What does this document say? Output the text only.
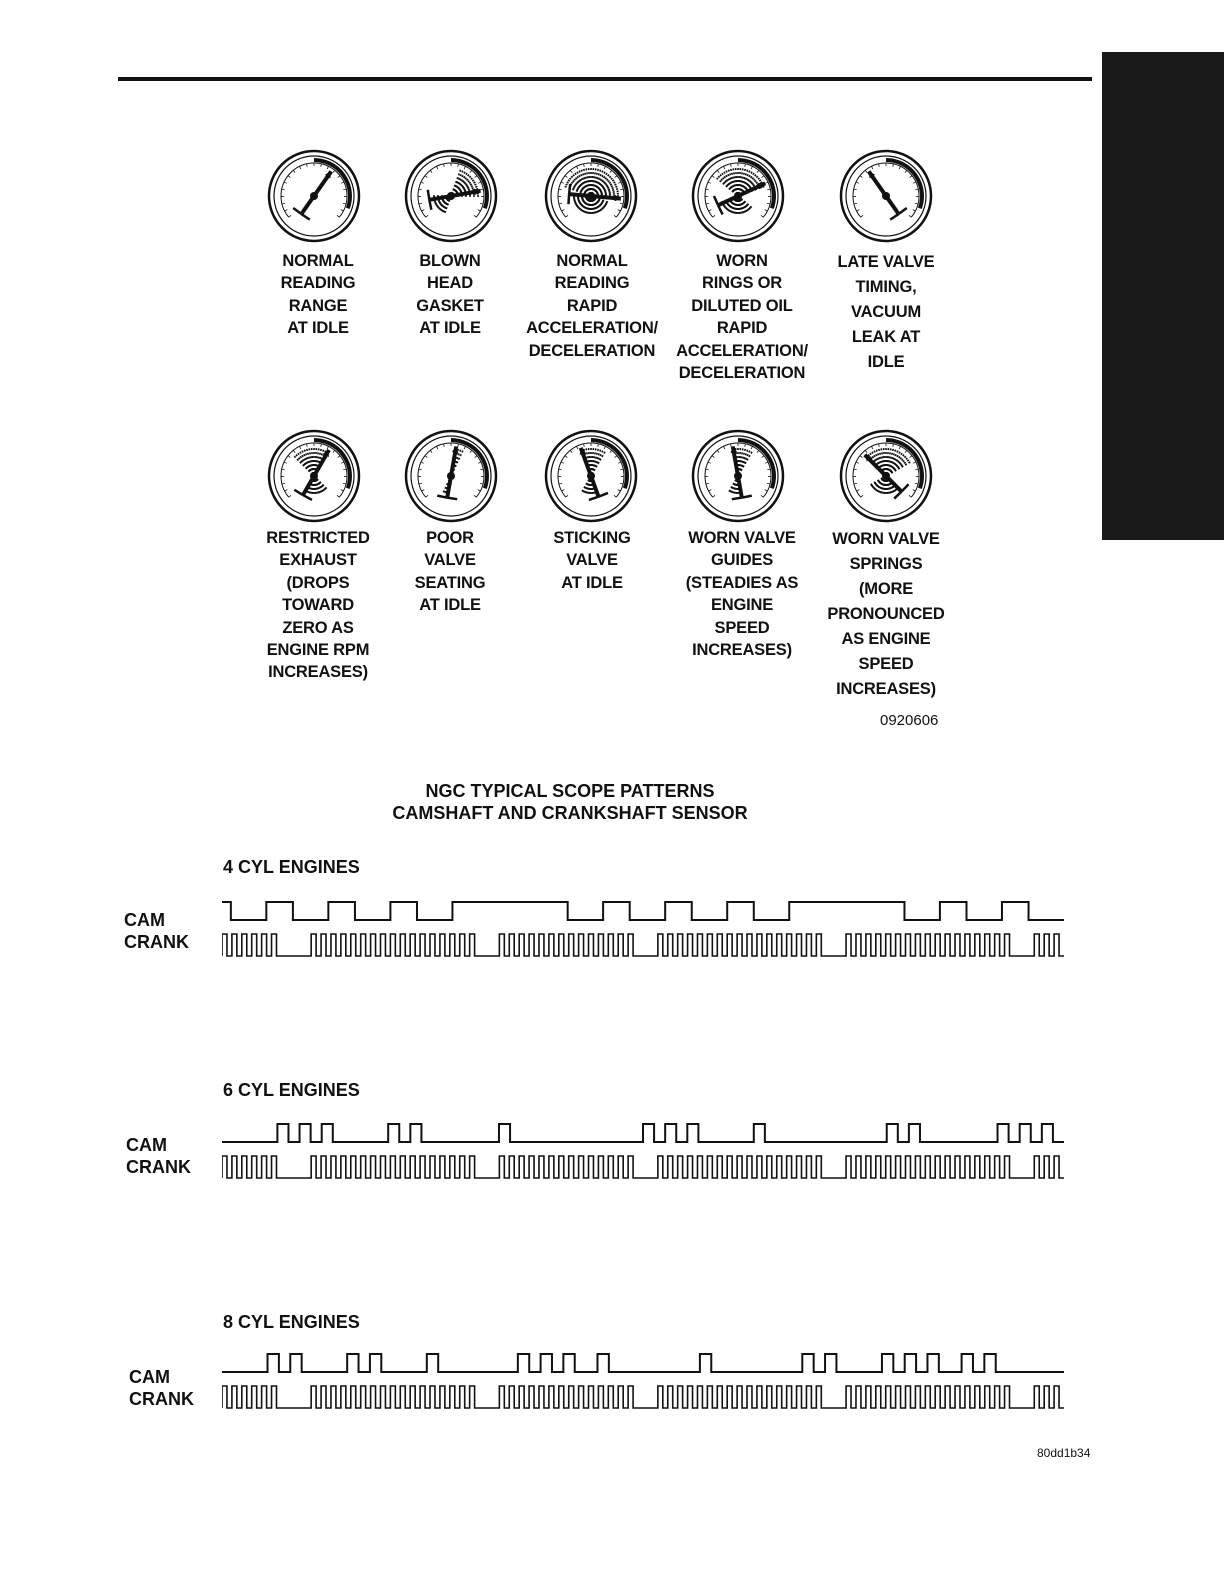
NORMAL
READING
RANGE
AT IDLE
BLOWN
HEAD
GASKET
AT IDLE
NORMAL
READING
RAPID
ACCELERATION/
DECELERATION
WORN
RINGS OR
DILUTED OIL
RAPID
ACCELERATION/
DECELERATION
LATE VALVE
TIMING,
VACUUM
LEAK AT
IDLE
RESTRICTED
EXHAUST
(DROPS
TOWARD
ZERO AS
ENGINE RPM
INCREASES)
POOR
VALVE
SEATING
AT IDLE
STICKING
VALVE
AT IDLE
WORN VALVE
GUIDES
(STEADIES AS
ENGINE
SPEED
INCREASES)
WORN VALVE
SPRINGS
(MORE
PRONOUNCED
AS ENGINE
SPEED
INCREASES)
0920606
NGC TYPICAL SCOPE PATTERNS
CAMSHAFT AND CRANKSHAFT SENSOR
4 CYL ENGINES
CAM
CRANK
6 CYL ENGINES
CAM
CRANK
8 CYL ENGINES
CAM
CRANK
80dd1b34
